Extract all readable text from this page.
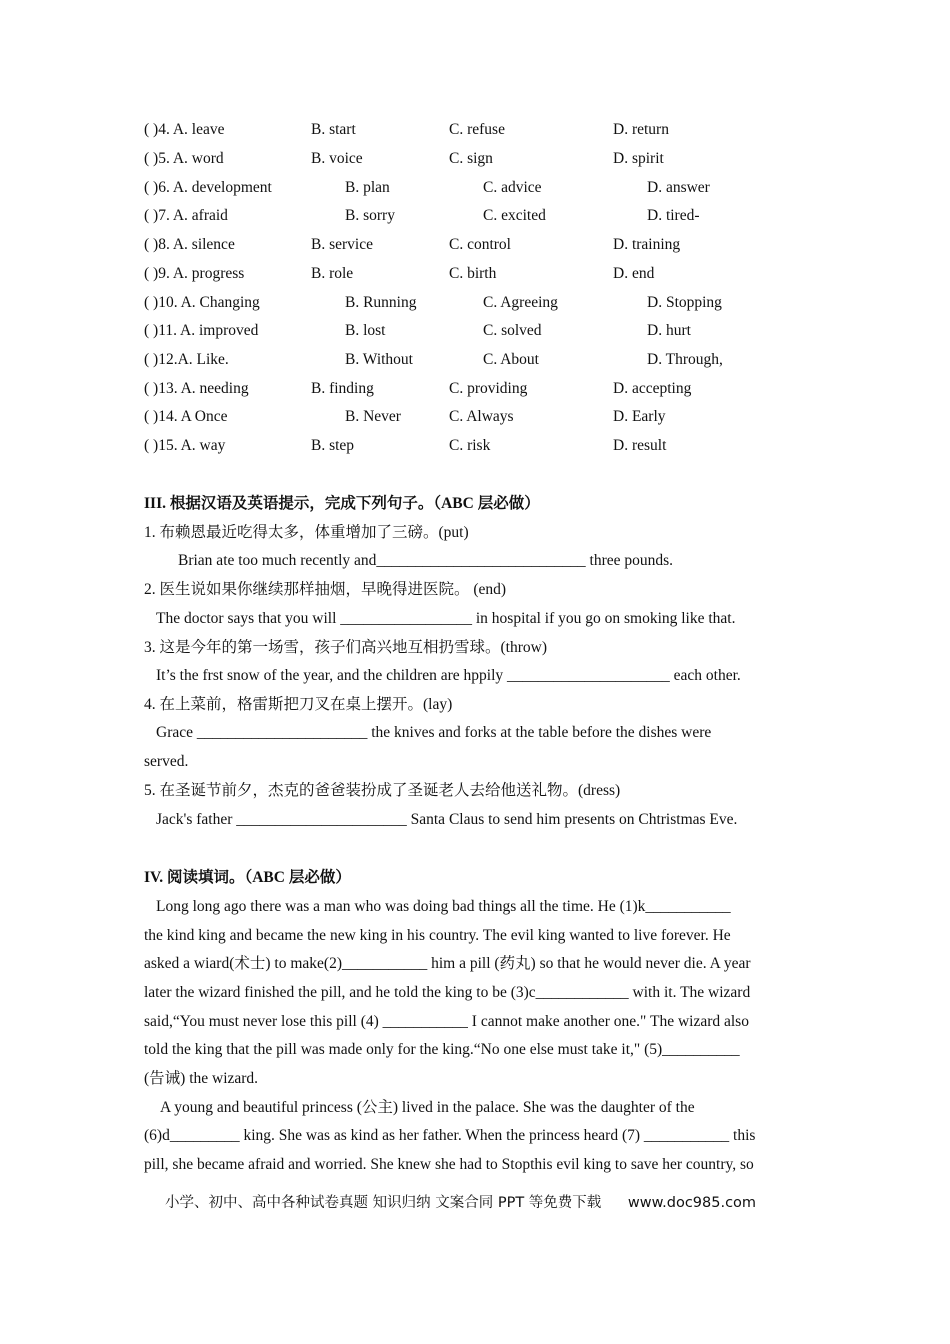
( )4. A. leave	B. start	C. refuse	D. return
( )5. A. word	B. voice	C. sign	D. spirit
( )6. A. development	B. plan	C. advice	D. answer
( )7. A. afraid	B. sorry	C. excited	D. tired-
( )8. A. silence	B. service	C. control	D. training
( )9. A. progress	B. role	C. birth	D. end
( )10. A. Changing	B. Running	C. Agreeing	D. Stopping
( )11. A. improved	B. lost	C. solved	D. hurt
( )12.A. Like.	B. Without	C. About	D. Through,
( )13. A. needing	B. finding	C. providing	D. accepting
( )14. A Once	B. Never	C. Always	D. Early
( )15. A. way	B. step	C. risk	D. result
III. 根据汉语及英语提示，完成下列句子。（ABC 层必做）
1. 布赖恩最近吃得太多，体重增加了三磅。(put)
Brian ate too much recently and___________________________ three pounds.
2. 医生说如果你继续那样抽烟，早晚得进医院。 (end)
The doctor says that you will _________________ in hospital if you go on smoking like that.
3. 这是今年的第一场雪，孩子们高兴地互相扔雪球。(throw)
It’s the frst snow of the year, and the children are hppily _____________________ each other.
4. 在上菜前，格雷斯把刀叉在桌上摆开。(lay)
Grace ______________________ the knives and forks at the table before the dishes were
served.
5. 在圣诞节前夕，杰克的爸爸装扮成了圣诞老人去给他送礼物。(dress)
Jack's father ______________________ Santa Claus to send him presents on Chtristmas Eve.
IV. 阅读填词。（ABC 层必做）
Long long ago there was a man who was doing bad things all the time. He (1)k___________
the kind king and became the new king in his country. The evil king wanted to live forever. He
asked a wiard(术士) to make(2)___________ him a pill (药丸) so that he would never die. A year
later the wizard finished the pill, and he told the king to be (3)c____________ with it. The wizard
said,“You must never lose this pill (4) ___________ I cannot make another one." The wizard also
told the king that the pill was made only for the king.“No one else must take it," (5)__________
(告诫) the wizard.
A young and beautiful princess (公主) lived in the palace. She was the daughter of the
(6)d_________ king. She was as kind as her father. When the princess heard (7) ___________ this
pill, she became afraid and worried. She knew she had to Stopthis evil king to save her country, so
小学、初中、高中各种试卷真题 知识归纳 文案合同 PPT 等免费下载 www.doc985.com
